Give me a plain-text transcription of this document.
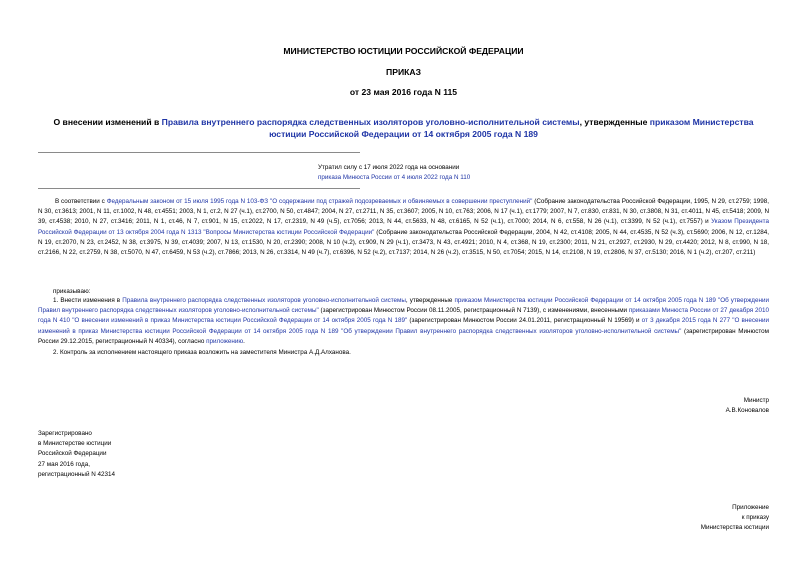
МИНИСТЕРСТВО ЮСТИЦИИ РОССИЙСКОЙ ФЕДЕРАЦИИ
ПРИКАЗ
от 23 мая 2016 года N 115
О внесении изменений в Правила внутреннего распорядка следственных изоляторов уголовно-исполнительной системы, утвержденные приказом Министерства юстиции Российской Федерации от 14 октября 2005 года N 189
Утратил силу с 17 июля 2022 года на основании
приказа Минюста России от 4 июля 2022 года N 110
В соответствии с Федеральным законом от 15 июля 1995 года N 103-ФЗ "О содержании под стражей подозреваемых и обвиняемых в совершении преступлений" (Собрание законодательства Российской Федерации, 1995, N 29, ст.2759; 1998, N 30, ст.3613; 2001, N 11, ст.1002, N 48, ст.4551; 2003, N 1, ст.2, N 27 (ч.1), ст.2700, N 50, ст.4847; 2004, N 27, ст.2711, N 35, ст.3607; 2005, N 10, ст.763; 2006, N 17 (ч.1), ст.1779; 2007, N 7, ст.830, ст.831, N 30, ст.3808, N 31, ст.4011, N 45, ст.5418; 2009, N 39, ст.4538; 2010, N 27, ст.3416; 2011, N 1, ст.46, N 7, ст.901, N 15, ст.2022, N 17, ст.2319, N 49 (ч.5), ст.7056; 2013, N 44, ст.5633, N 48, ст.6165, N 52 (ч.1), ст.7000; 2014, N 6, ст.558, N 26 (ч.1), ст.3399, N 52 (ч.1), ст.7557) и Указом Президента Российской Федерации от 13 октября 2004 года N 1313 "Вопросы Министерства юстиции Российской Федерации" (Собрание законодательства Российской Федерации, 2004, N 42, ст.4108; 2005, N 44, ст.4535, N 52 (ч.3), ст.5690; 2006, N 12, ст.1284, N 19, ст.2070, N 23, ст.2452, N 38, ст.3975, N 39, ст.4039; 2007, N 13, ст.1530, N 20, ст.2390; 2008, N 10 (ч.2), ст.909, N 29 (ч.1), ст.3473, N 43, ст.4921; 2010, N 4, ст.368, N 19, ст.2300; 2011, N 21, ст.2927, ст.2930, N 29, ст.4420; 2012, N 8, ст.990, N 18, ст.2166, N 22, ст.2759, N 38, ст.5070, N 47, ст.6459, N 53 (ч.2), ст.7866; 2013, N 26, ст.3314, N 49 (ч.7), ст.6396, N 52 (ч.2), ст.7137; 2014, N 26 (ч.2), ст.3515, N 50, ст.7054; 2015, N 14, ст.2108, N 19, ст.2806, N 37, ст.5130; 2016, N 1 (ч.2), ст.207, ст.211)
приказываю:
1. Внести изменения в Правила внутреннего распорядка следственных изоляторов уголовно-исполнительной системы, утвержденные приказом Министерства юстиции Российской Федерации от 14 октября 2005 года N 189 "Об утверждении Правил внутреннего распорядка следственных изоляторов уголовно-исполнительной системы" (зарегистрирован Минюстом России 08.11.2005, регистрационный N 7139), с изменениями, внесенными приказами Минюста России от 27 декабря 2010 года N 410 "О внесении изменений в приказ Министерства юстиции Российской Федерации от 14 октября 2005 года N 189" (зарегистрирован Минюстом России 24.01.2011, регистрационный N 19569) и от 3 декабря 2015 года N 277 "О внесении изменений в приказ Министерства юстиции Российской Федерации от 14 октября 2005 года N 189 "Об утверждении Правил внутреннего распорядка следственных изоляторов уголовно-исполнительной системы" (зарегистрирован Минюстом России 29.12.2015, регистрационный N 40334), согласно приложению.
2. Контроль за исполнением настоящего приказа возложить на заместителя Министра А.Д.Алханова.
Министр
А.В.Коновалов
Зарегистрировано
в Министерстве юстиции
Российской Федерации
27 мая 2016 года,
регистрационный N 42314
Приложение
к приказу
Министерства юстиции
